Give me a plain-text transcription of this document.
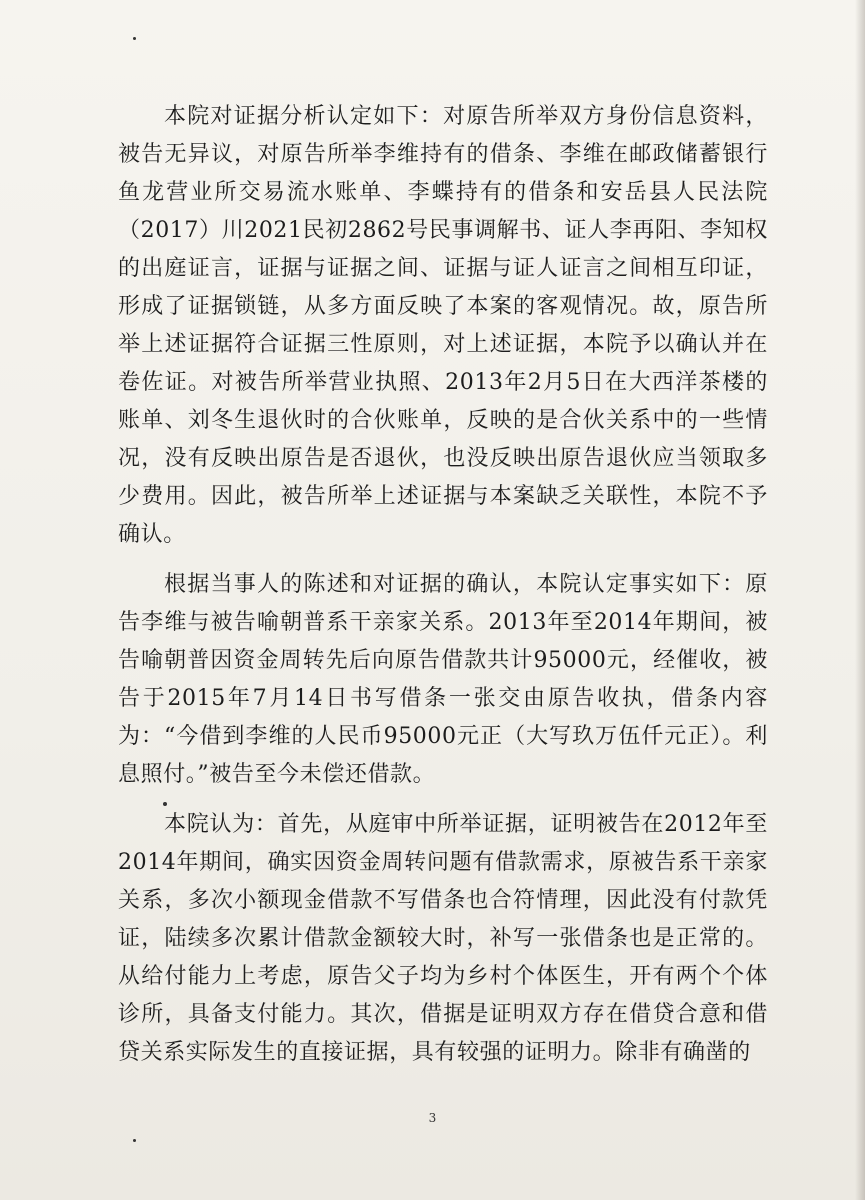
本院对证据分析认定如下：对原告所举双方身份信息资料，被告无异议，对原告所举李维持有的借条、李维在邮政储蓄银行鱼龙营业所交易流水账单、李蝶持有的借条和安岳县人民法院（2017）川2021民初2862号民事调解书、证人李再阳、李知权的出庭证言，证据与证据之间、证据与证人证言之间相互印证，形成了证据锁链，从多方面反映了本案的客观情况。故，原告所举上述证据符合证据三性原则，对上述证据，本院予以确认并在卷佐证。对被告所举营业执照、2013年2月5日在大西洋茶楼的账单、刘冬生退伙时的合伙账单，反映的是合伙关系中的一些情况，没有反映出原告是否退伙，也没反映出原告退伙应当领取多少费用。因此，被告所举上述证据与本案缺乏关联性，本院不予确认。

根据当事人的陈述和对证据的确认，本院认定事实如下：原告李维与被告喻朝普系干亲家关系。2013年至2014年期间，被告喻朝普因资金周转先后向原告借款共计95000元，经催收，被告于2015年7月14日书写借条一张交由原告收执，借条内容为：“今借到李维的人民币95000元正（大写玖万伍仟元正）。利息照付。”被告至今未偿还借款。

本院认为：首先，从庭审中所举证据，证明被告在2012年至2014年期间，确实因资金周转问题有借款需求，原被告系干亲家关系，多次小额现金借款不写借条也合符情理，因此没有付款凭证，陆续多次累计借款金额较大时，补写一张借条也是正常的。从给付能力上考虑，原告父子均为乡村个体医生，开有两个个体诊所，具备支付能力。其次，借据是证明双方存在借贷合意和借贷关系实际发生的直接证据，具有较强的证明力。除非有确凿的

3
